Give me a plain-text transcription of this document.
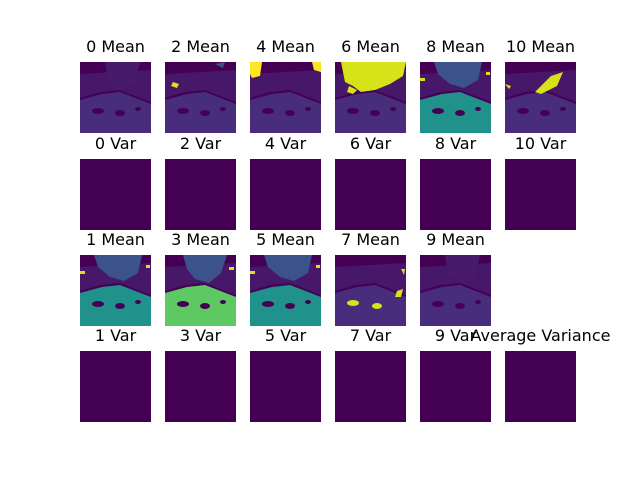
0 Mean	2 Mean	4 Mean	6 Mean	8 Mean	10 Mean
0 Var	2 Var	4 Var	6 Var	8 Var	10 Var
1 Mean	3 Mean	5 Mean	7 Mean	9 Mean
1 Var	3 Var	5 Var	7 Var	9 Var
Average Variance
